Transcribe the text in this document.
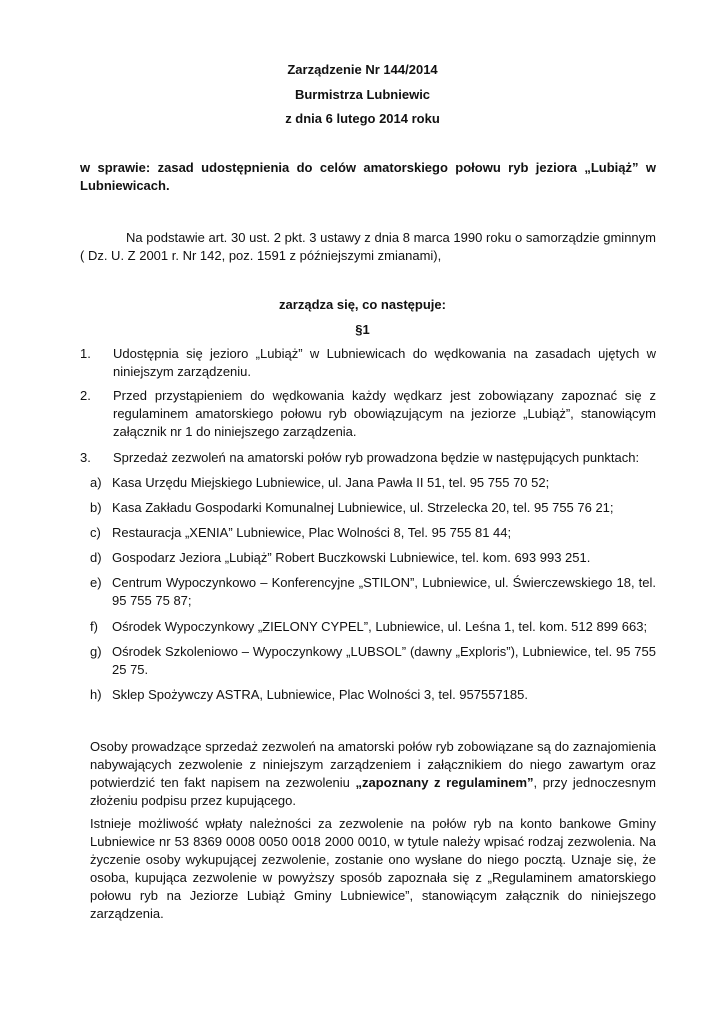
Zarządzenie Nr 144/2014
Burmistrza Lubniewic
z dnia 6 lutego 2014 roku
w sprawie: zasad udostępnienia do celów amatorskiego połowu ryb jeziora „Lubiąż” w Lubniewicach.
Na podstawie art. 30 ust. 2 pkt. 3 ustawy z dnia 8 marca 1990 roku o samorządzie gminnym ( Dz. U. Z 2001 r. Nr 142, poz. 1591 z późniejszymi zmianami),
zarządza się, co następuje:
§1
1.	Udostępnia się jezioro „Lubiąż” w Lubniewicach do wędkowania na zasadach ujętych w niniejszym zarządzeniu.
2.	Przed przystąpieniem do wędkowania każdy wędkarz jest zobowiązany zapoznać się z regulaminem amatorskiego połowu ryb obowiązującym na jeziorze „Lubiąż”, stanowiącym załącznik nr 1 do niniejszego zarządzenia.
3.	Sprzedaż zezwoleń na amatorski połów ryb prowadzona będzie w następujących punktach:
a) Kasa Urzędu Miejskiego Lubniewice, ul. Jana Pawła II 51, tel. 95 755 70 52;
b) Kasa Zakładu Gospodarki Komunalnej Lubniewice, ul. Strzelecka 20, tel. 95 755 76 21;
c) Restauracja „XENIA” Lubniewice, Plac Wolności 8, Tel. 95 755 81 44;
d) Gospodarz Jeziora „Lubiąż” Robert Buczkowski Lubniewice, tel. kom. 693 993 251.
e) Centrum Wypoczynkowo – Konferencyjne „STILON”, Lubniewice, ul. Świerczewskiego 18, tel. 95 755 75 87;
f)	Ośrodek Wypoczynkowy „ZIELONY CYPEL”, Lubniewice, ul. Leśna 1, tel. kom. 512 899 663;
g) Ośrodek Szkoleniowo – Wypoczynkowy „LUBSOL” (dawny „Exploris”), Lubniewice, tel. 95 755 25 75.
h) Sklep Spożywczy ASTRA, Lubniewice, Plac Wolności 3, tel. 957557185.
Osoby prowadzące sprzedaż zezwoleń na amatorski połów ryb zobowiązane są do zaznajomienia nabywających zezwolenie z niniejszym zarządzeniem i załącznikiem do niego zawartym oraz potwierdzić ten fakt napisem na zezwoleniu „zapoznany z regulaminem”, przy jednoczesnym złożeniu podpisu przez kupującego.
Istnieje możliwość wpłaty należności za zezwolenie na połów ryb na konto bankowe Gminy Lubniewice nr 53 8369 0008 0050 0018 2000 0010, w tytule należy wpisać rodzaj zezwolenia. Na życzenie osoby wykupującej zezwolenie, zostanie ono wysłane do niego pocztą. Uznaje się, że osoba, kupująca zezwolenie w powyższy sposób zapoznała się z „Regulaminem amatorskiego połowu ryb na Jeziorze Lubiąż Gminy Lubniewice”, stanowiącym załącznik do niniejszego zarządzenia.
